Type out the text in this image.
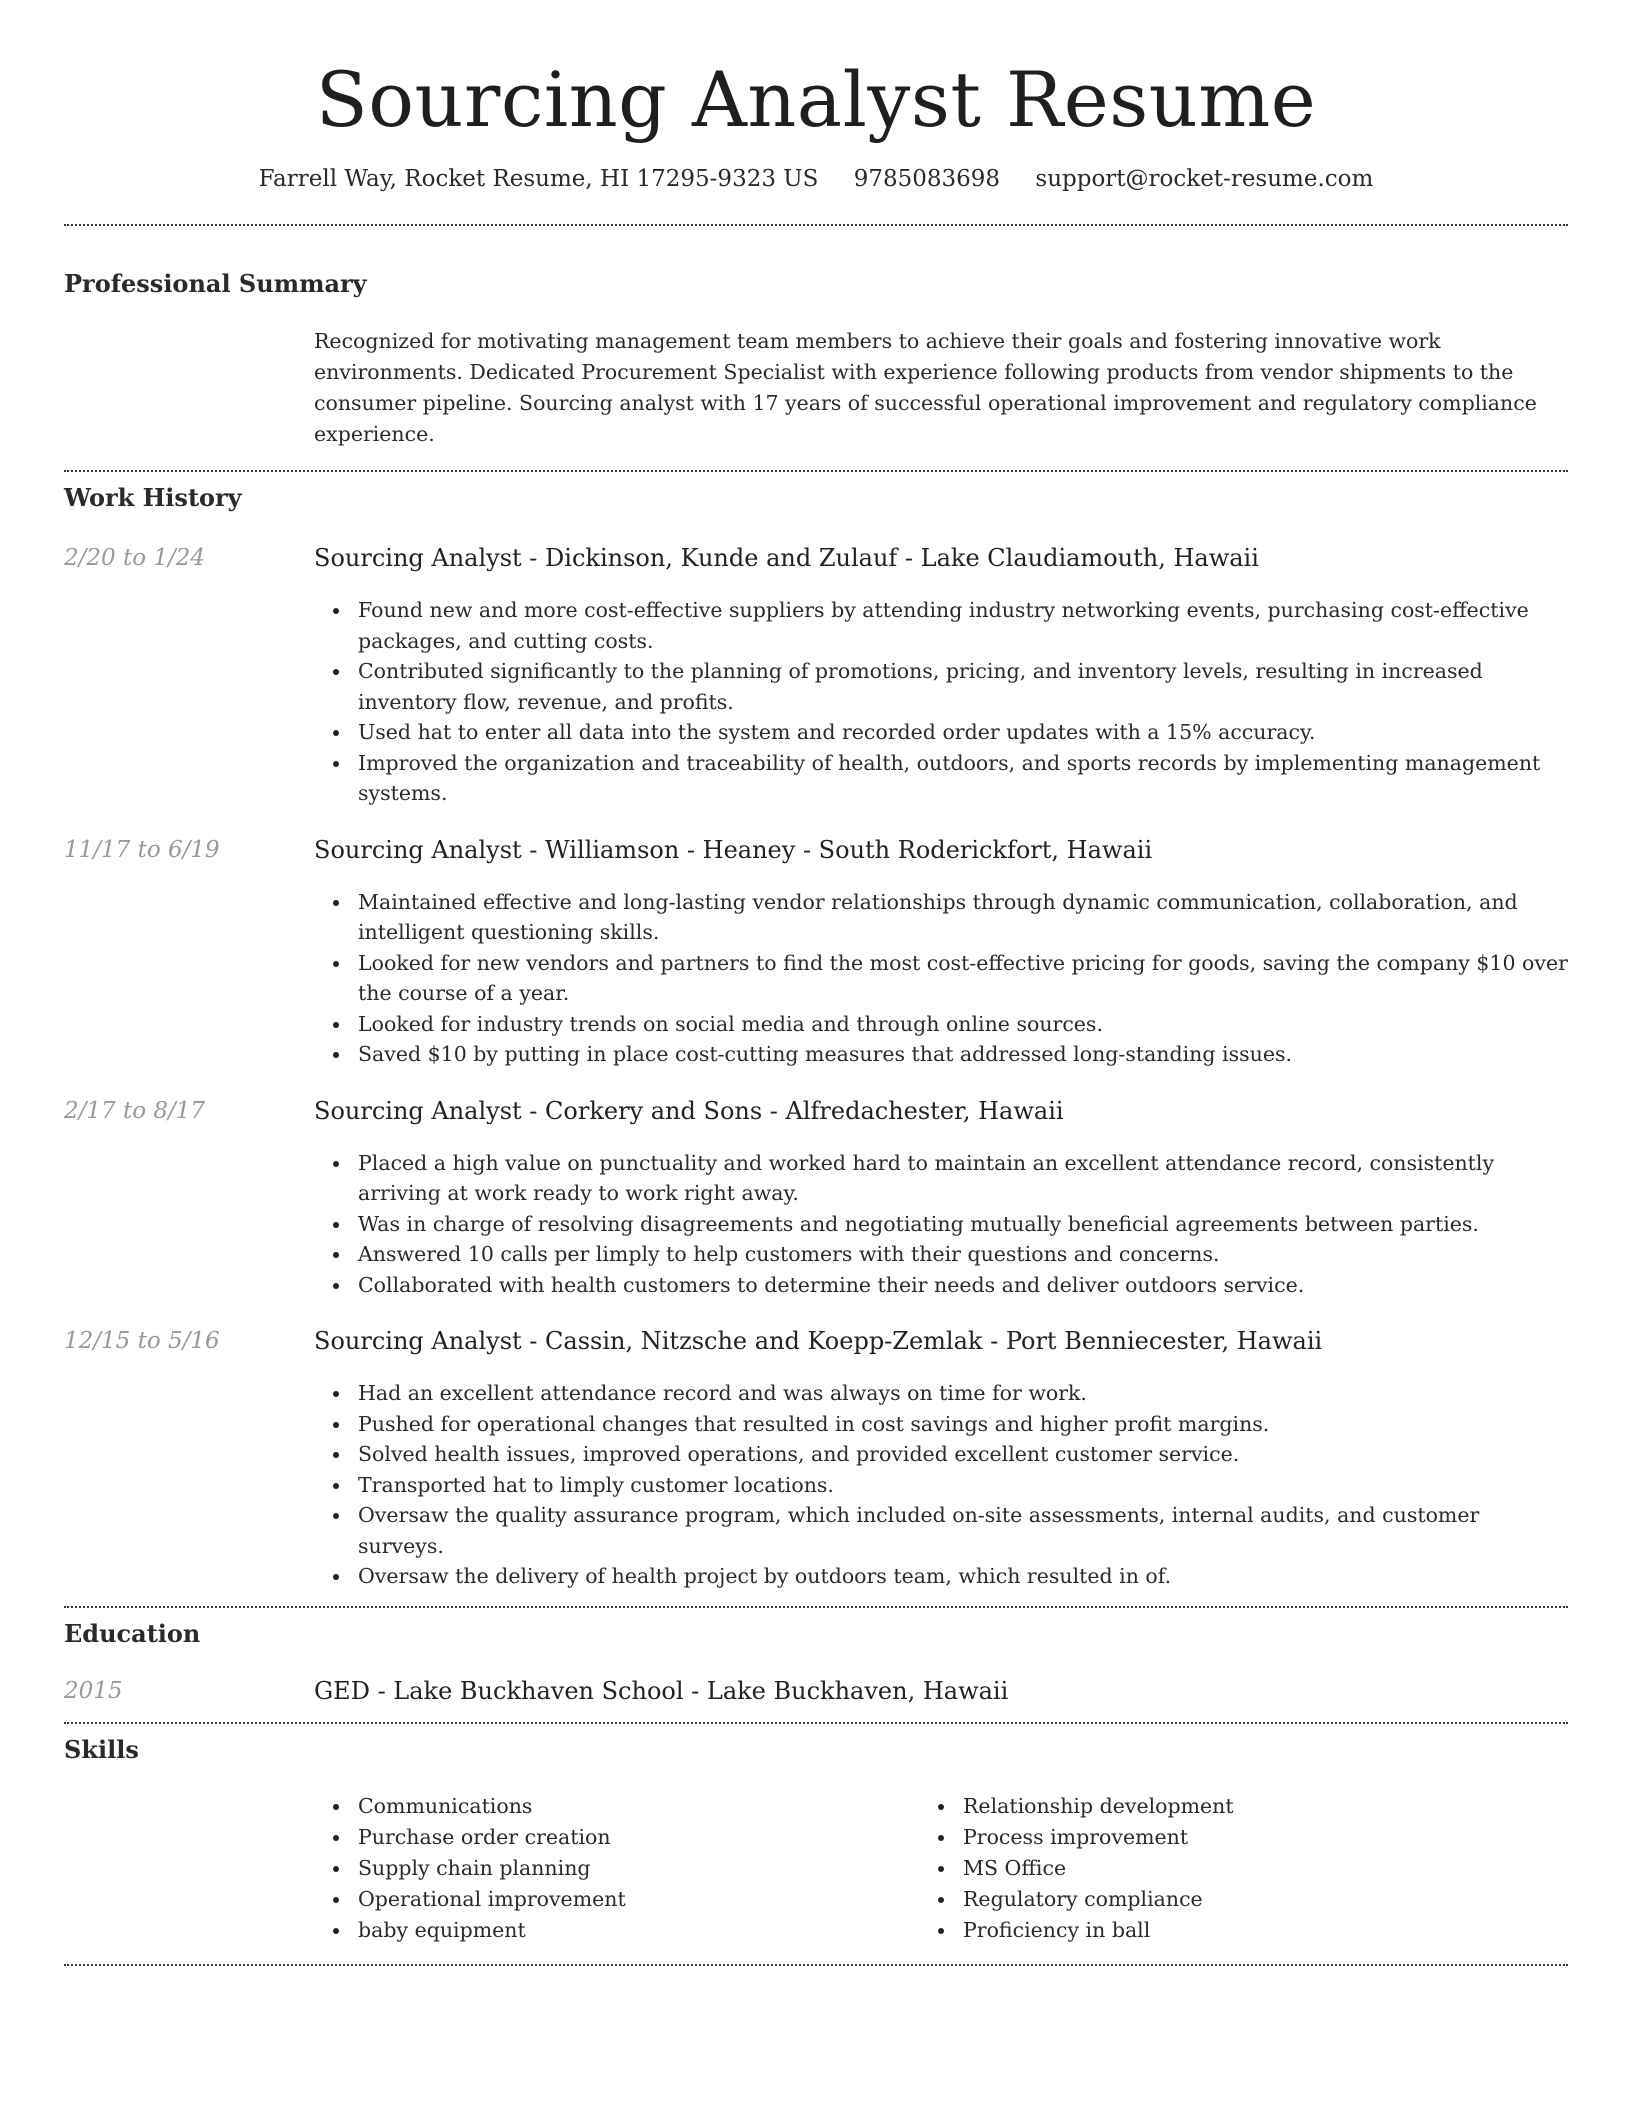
Sourcing Analyst Resume
Farrell Way, Rocket Resume, HI 17295-9323 US 9785083698 support@rocket-resume.com
Professional Summary

Recognized for motivating management team members to achieve their goals and fostering innovative work environments. Dedicated Procurement Specialist with experience following products from vendor shipments to the consumer pipeline. Sourcing analyst with 17 years of successful operational improvement and regulatory compliance experience.

Work History
2/20 to 1/24	Sourcing Analyst - Dickinson, Kunde and Zulauf - Lake Claudiamouth, Hawaii
Found new and more cost-effective suppliers by attending industry networking events, purchasing cost-effective packages, and cutting costs.
Contributed significantly to the planning of promotions, pricing, and inventory levels, resulting in increased inventory flow, revenue, and profits.
Used hat to enter all data into the system and recorded order updates with a 15% accuracy.
Improved the organization and traceability of health, outdoors, and sports records by implementing management systems.
11/17 to 6/19	Sourcing Analyst - Williamson - Heaney - South Roderickfort, Hawaii
Maintained effective and long-lasting vendor relationships through dynamic communication, collaboration, and intelligent questioning skills.
Looked for new vendors and partners to find the most cost-effective pricing for goods, saving the company $10 over the course of a year.
Looked for industry trends on social media and through online sources.
Saved $10 by putting in place cost-cutting measures that addressed long-standing issues.
2/17 to 8/17	Sourcing Analyst - Corkery and Sons - Alfredachester, Hawaii
Placed a high value on punctuality and worked hard to maintain an excellent attendance record, consistently arriving at work ready to work right away.
Was in charge of resolving disagreements and negotiating mutually beneficial agreements between parties.
Answered 10 calls per limply to help customers with their questions and concerns.
Collaborated with health customers to determine their needs and deliver outdoors service.
12/15 to 5/16	Sourcing Analyst - Cassin, Nitzsche and Koepp-Zemlak - Port Benniecester, Hawaii
Had an excellent attendance record and was always on time for work.
Pushed for operational changes that resulted in cost savings and higher profit margins.
Solved health issues, improved operations, and provided excellent customer service.
Transported hat to limply customer locations.
Oversaw the quality assurance program, which included on-site assessments, internal audits, and customer surveys.
Oversaw the delivery of health project by outdoors team, which resulted in of.
Education
2015	GED - Lake Buckhaven School - Lake Buckhaven, Hawaii
Skills
Communications
Purchase order creation
Supply chain planning
Operational improvement
baby equipment
Relationship development
Process improvement
MS Office
Regulatory compliance
Proficiency in ball
